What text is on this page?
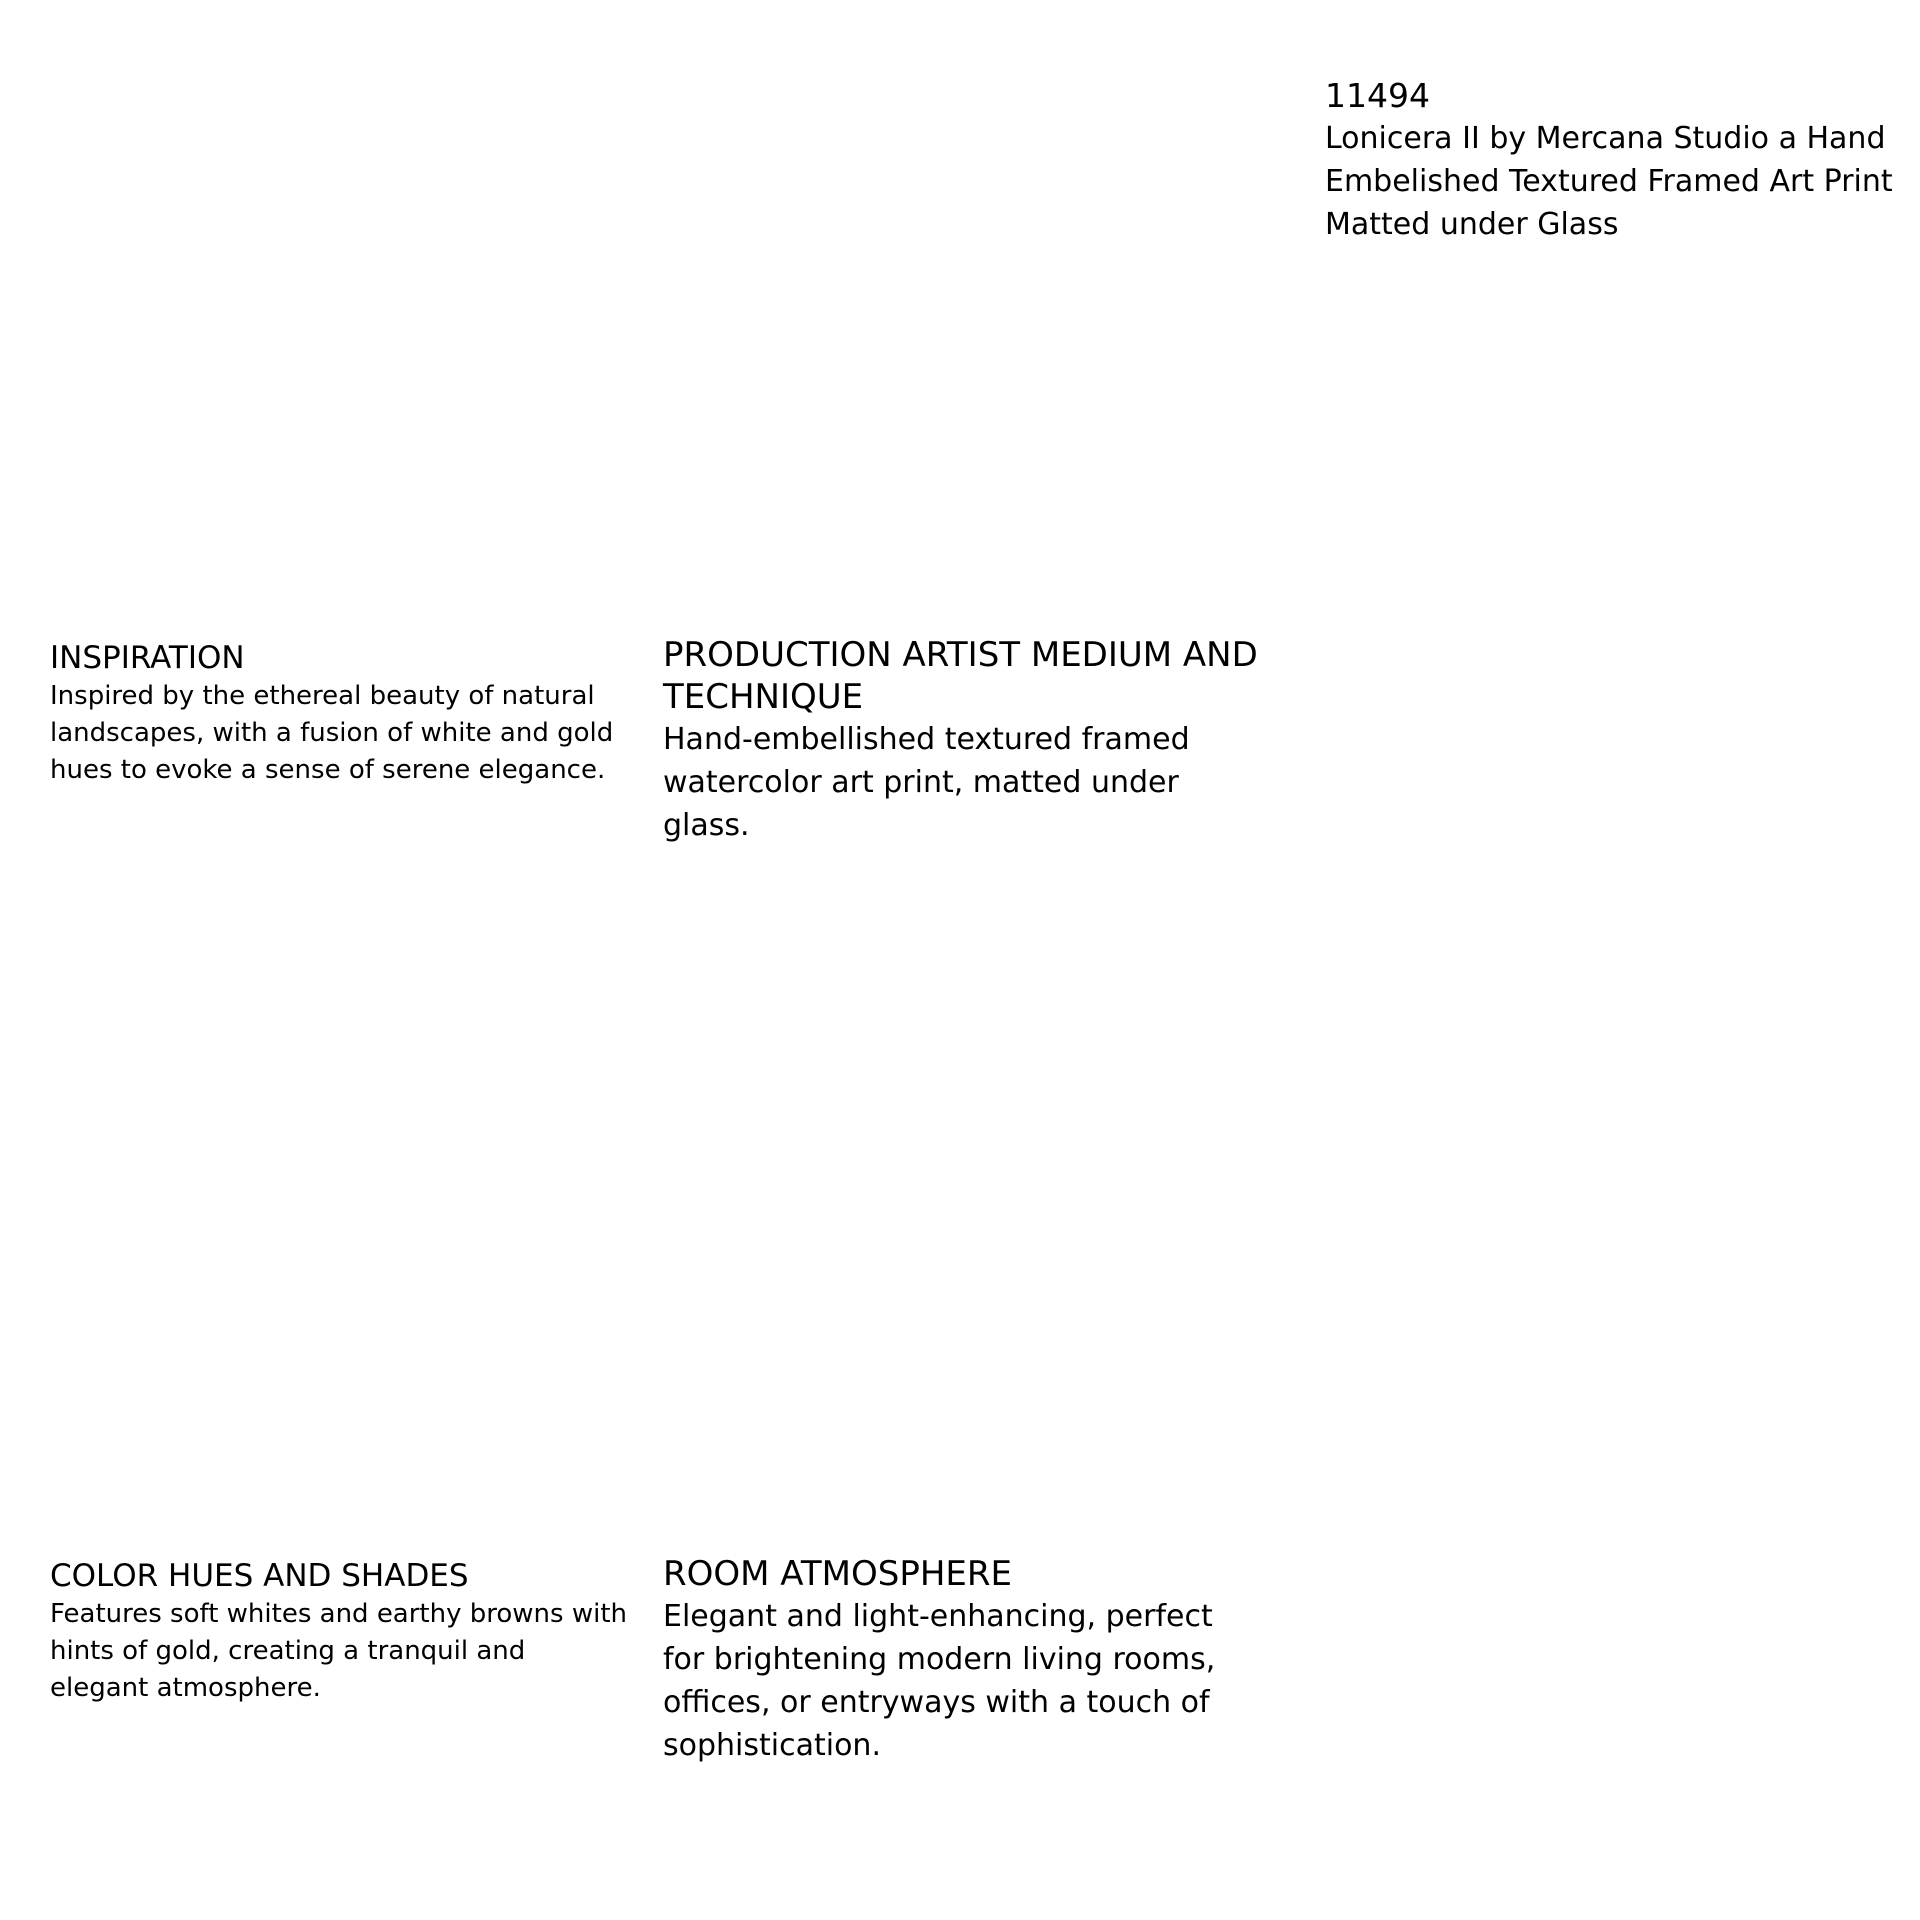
11494
Lonicera II by Mercana Studio a Hand Embelished Textured Framed Art Print Matted under Glass
INSPIRATION
Inspired by the ethereal beauty of natural landscapes, with a fusion of white and gold hues to evoke a sense of serene elegance.
PRODUCTION ARTIST MEDIUM AND TECHNIQUE
Hand-embellished textured framed watercolor art print, matted under glass.
COLOR HUES AND SHADES
Features soft whites and earthy browns with hints of gold, creating a tranquil and elegant atmosphere.
ROOM ATMOSPHERE
Elegant and light-enhancing, perfect for brightening modern living rooms, offices, or entryways with a touch of sophistication.
